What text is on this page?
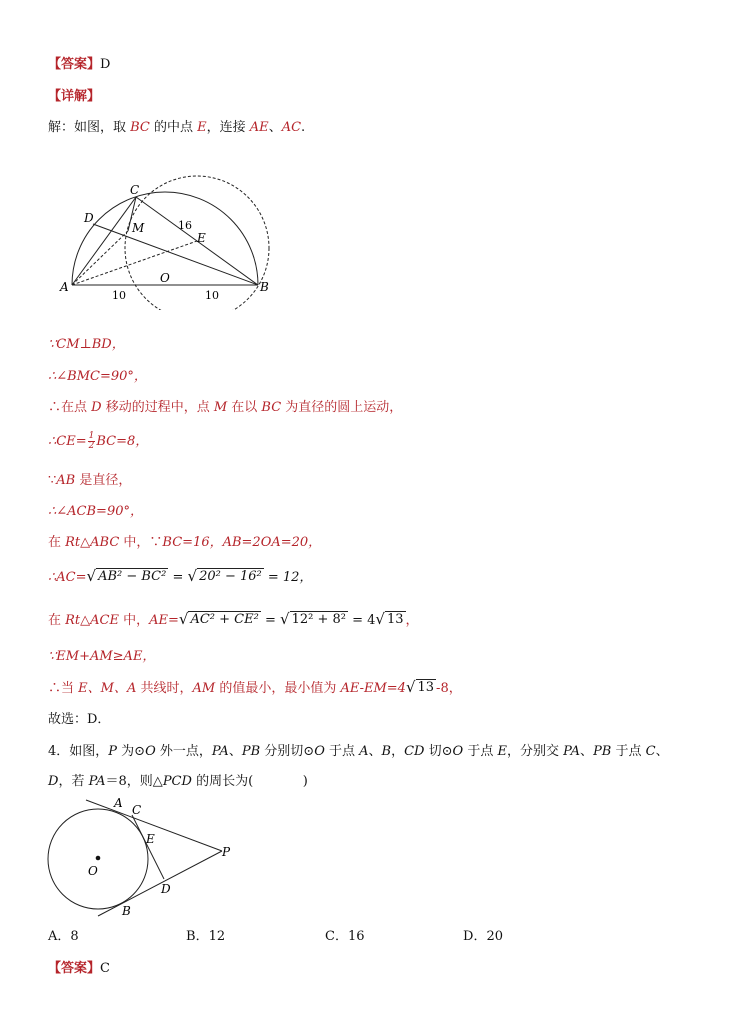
【答案】D
【详解】
解：如图，取 BC 的中点 E，连接 AE、AC.
C
D
M
E
O
A	B
16
10	10
∵CM⊥BD，
∴∠BMC=90°，
∴在点 D 移动的过程中，点 M 在以 BC 为直径的圆上运动，
∴CE= $\frac{1}{2} BC=8$，
∵AB 是直径，
∴∠ACB=90°，
在 Rt△ABC 中，∵BC=16，AB=2OA=20，
∴AC= √ AB² − BC² = √ 20² − 16² = 12，
在 Rt△ACE 中，AE= √ AC² + CE² = √ 12² + 8² = 4 √ 13 ，
∵EM+AM≥AE，
∴当 E、M、A 共线时，AM 的值最小，最小值为 AE-EM=4 √ 13 -8，
故选：D．
4．如图，P 为⊙O 外一点，PA、PB 分别切⊙O 于点 A、B，CD 切⊙O 于点 E，分别交 PA、PB 于点 C、
D，若 PA＝8，则△PCD 的周长为(	)
A C
E
P
O
D
B
A．8	B．12	C．16	D．20
【答案】C
